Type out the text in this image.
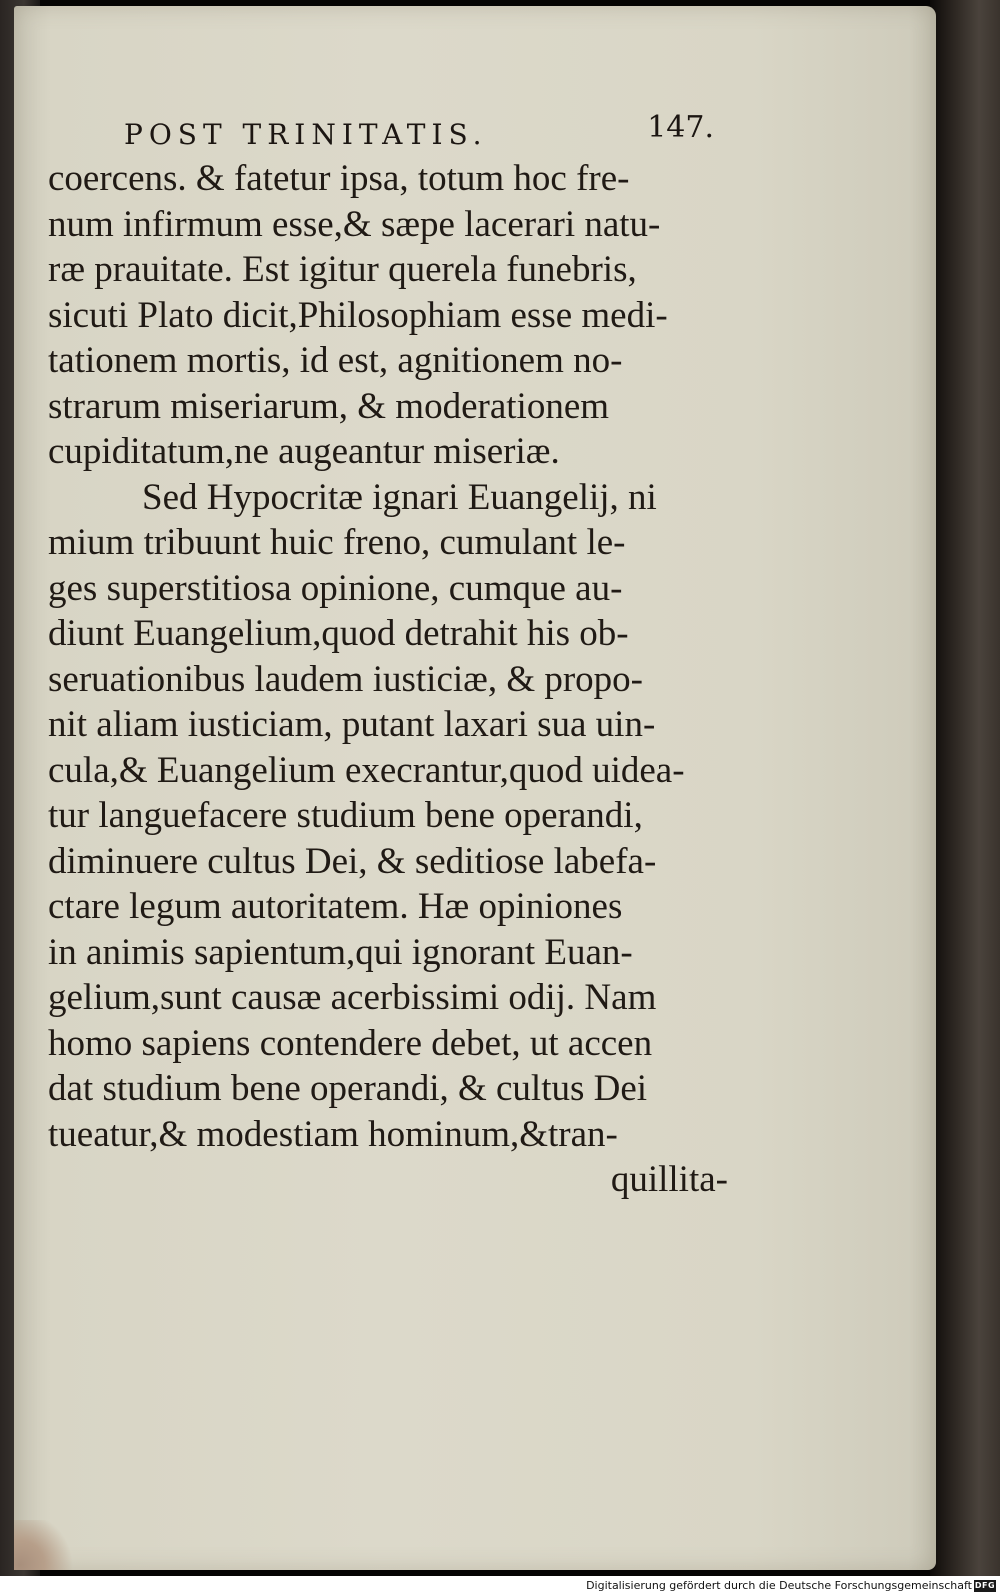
POST TRINITATIS.	147.
coercens. & fatetur ipsa, totum hoc fre-
num infirmum esse,& sæpe lacerari natu-
ræ prauitate. Est igitur querela funebris,
sicuti Plato dicit,Philosophiam esse medi-
tationem mortis, id est, agnitionem no-
strarum miseriarum, & moderationem
cupiditatum,ne augeantur miseriæ.
Sed Hypocritæ ignari Euangelij, ni
mium tribuunt huic freno, cumulant le-
ges superstitiosa opinione, cumque au-
diunt Euangelium,quod detrahit his ob-
seruationibus laudem iusticiæ, & propo-
nit aliam iusticiam, putant laxari sua uin-
cula,& Euangelium execrantur,quod uidea-
tur languefacere studium bene operandi,
diminuere cultus Dei, & seditiose labefa-
ctare legum autoritatem. Hæ opiniones
in animis sapientum,qui ignorant Euan-
gelium,sunt causæ acerbissimi odij. Nam
homo sapiens contendere debet, ut accen
dat studium bene operandi, & cultus Dei
tueatur,& modestiam hominum,&tran-
quillita-
Digitalisierung gefördert durch die Deutsche Forschungsgemeinschaft DFG
